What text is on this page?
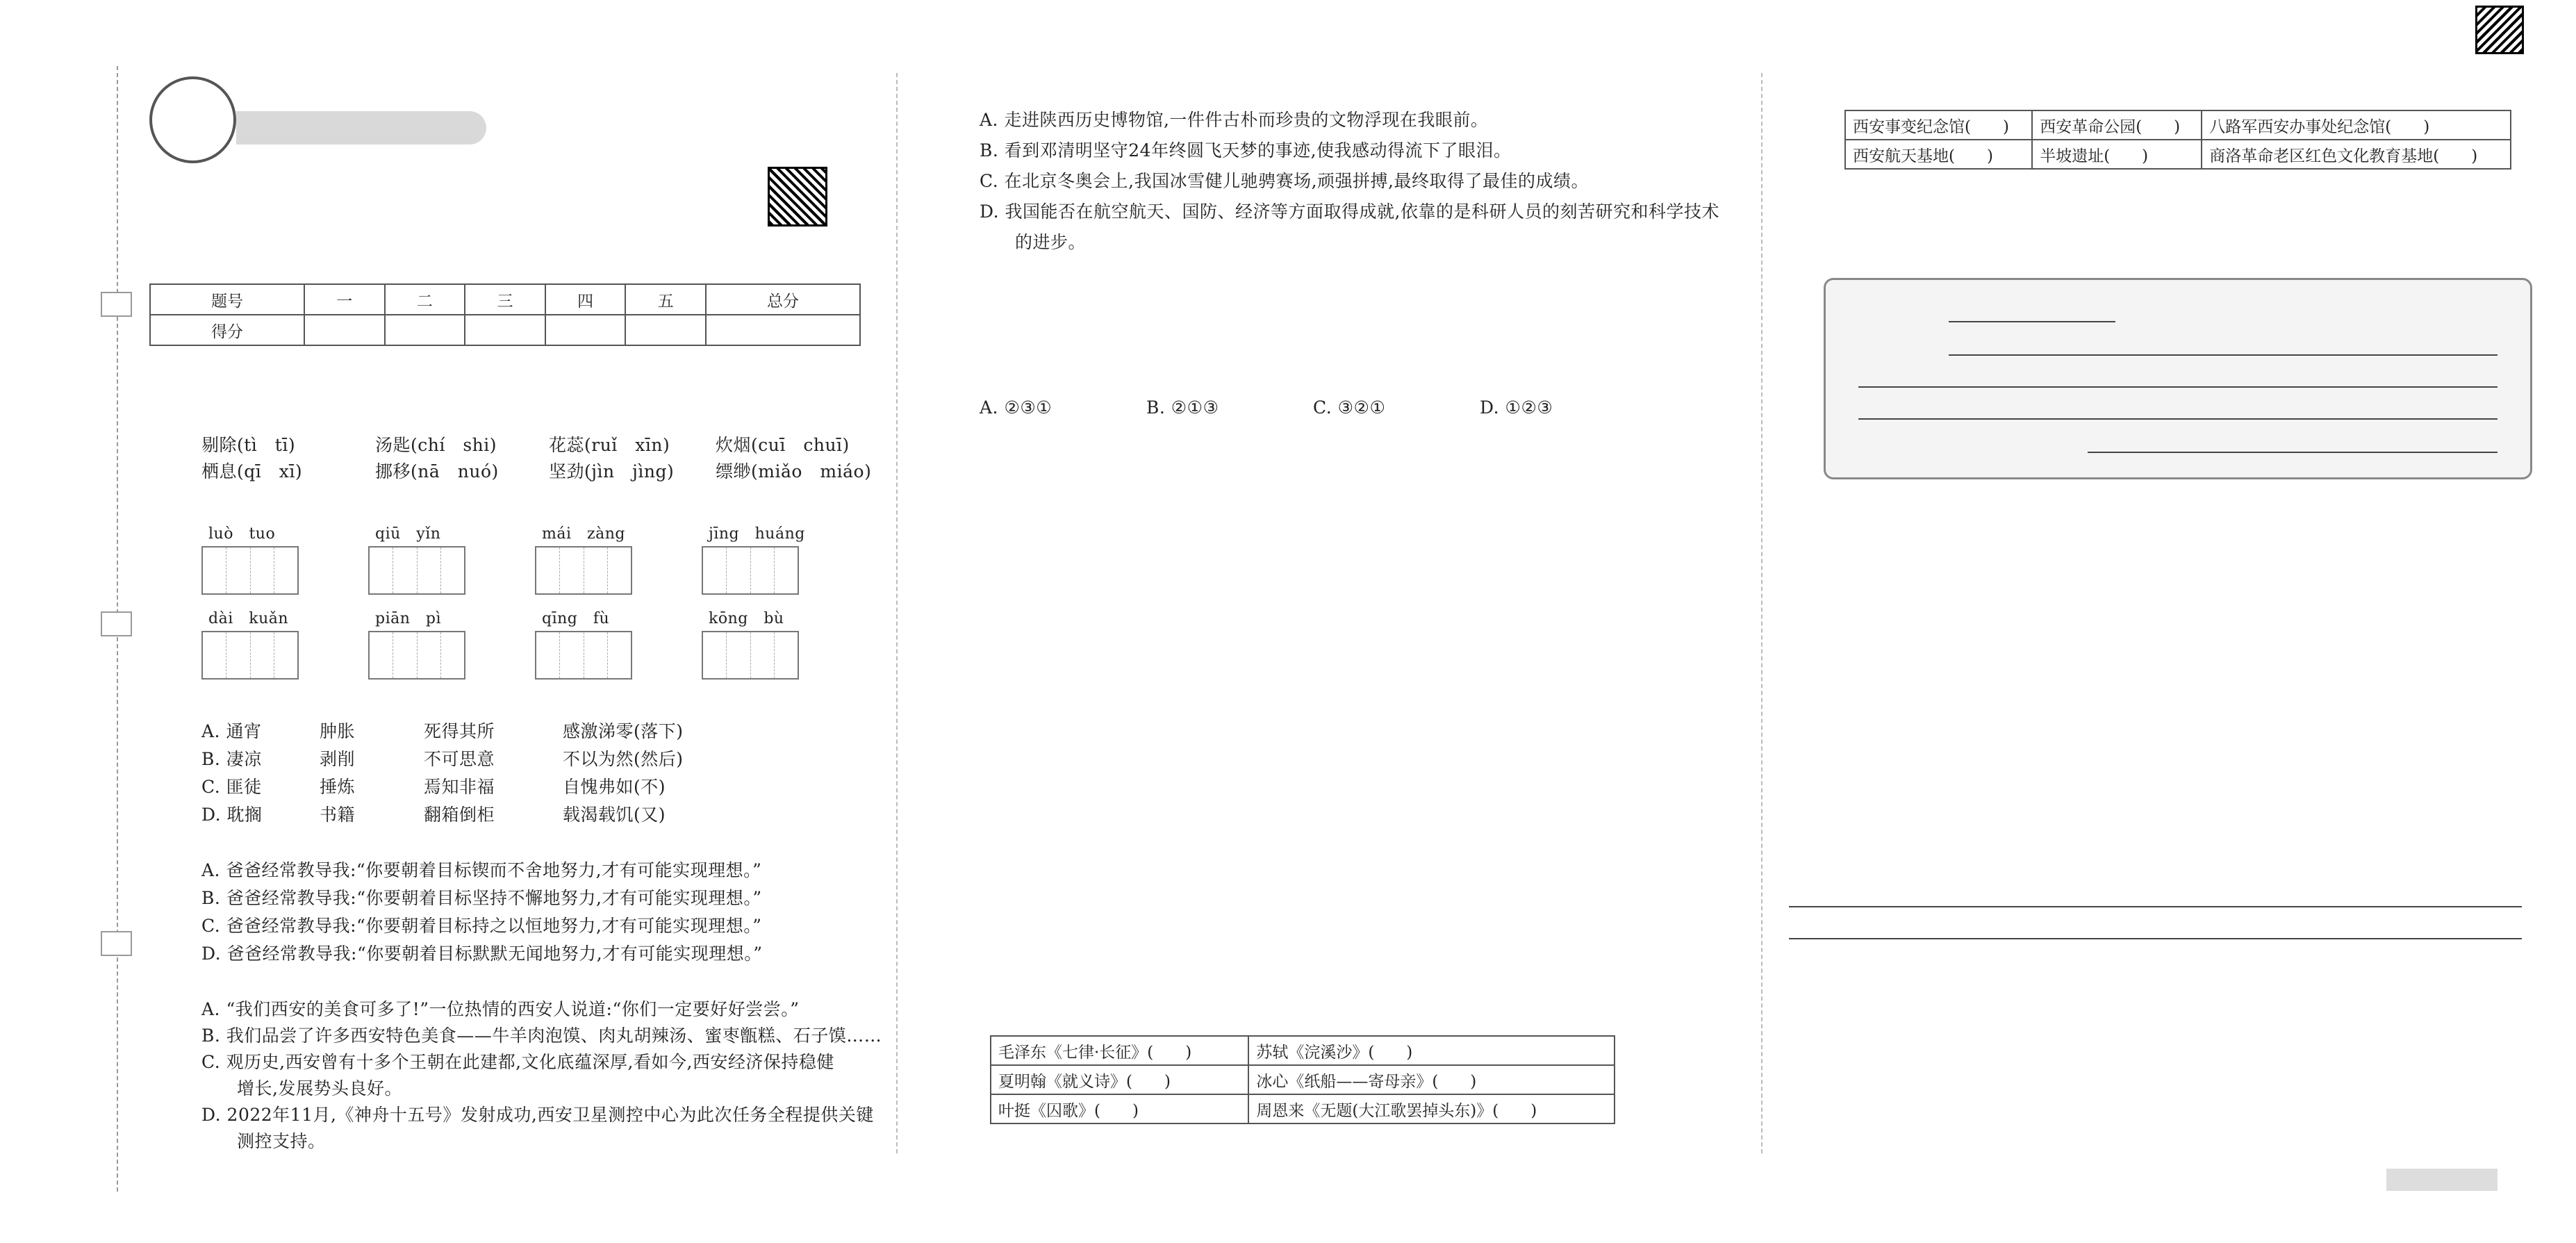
题号	一	二	三	四	五	总分
得分						
剔除(tì　tī)	汤匙(chí　shi)	花蕊(ruǐ　xīn)	炊烟(cuī　chuī)
栖息(qī　xī)	挪移(nā　nuó)	坚劲(jìn　jìng) 缥缈(miǎo　miáo)
luò　tuo	qiū　yǐn	mái　zàng	jīng　huáng
dài　kuǎn	piān　pì	qīng　fù	kōng　bù
A. 通宵	肿胀	死得其所	感激涕零(落下)
B. 凄凉	剥削	不可思意	不以为然(然后)
C. 匪徒	捶炼	焉知非福	自愧弗如(不)
D. 耽搁	书籍	翻箱倒柜	载渴载饥(又)
A. 爸爸经常教导我:“你要朝着目标锲而不舍地努力,才有可能实现理想。”
B. 爸爸经常教导我:“你要朝着目标坚持不懈地努力,才有可能实现理想。”
C. 爸爸经常教导我:“你要朝着目标持之以恒地努力,才有可能实现理想。”
D. 爸爸经常教导我:“你要朝着目标默默无闻地努力,才有可能实现理想。”
A. “我们西安的美食可多了!”一位热情的西安人说道:“你们一定要好好尝尝。”
B. 我们品尝了许多西安特色美食——牛羊肉泡馍、肉丸胡辣汤、蜜枣甑糕、石子馍……
C. 观历史,西安曾有十多个王朝在此建都,文化底蕴深厚,看如今,西安经济保持稳健
　　增长,发展势头良好。
D. 2022年11月,《神舟十五号》发射成功,西安卫星测控中心为此次任务全程提供关键
　　测控支持。
毛泽东《七律·长征》(　　)	苏轼《浣溪沙》(　　)
夏明翰《就义诗》(　　)	冰心《纸船——寄母亲》(　　)
叶挺《囚歌》(　　)	周恩来《无题(大江歌罢掉头东)》(　　)
A. 走进陕西历史博物馆,一件件古朴而珍贵的文物浮现在我眼前。
B. 看到邓清明坚守24年终圆飞天梦的事迹,使我感动得流下了眼泪。
C. 在北京冬奥会上,我国冰雪健儿驰骋赛场,顽强拼搏,最终取得了最佳的成绩。
D. 我国能否在航空航天、国防、经济等方面取得成就,依靠的是科研人员的刻苦研究和科学技术
　　的进步。
A. ②③①	B. ②①③	C. ③②①	D. ①②③
西安事变纪念馆(　　)	西安革命公园(　　)	八路军西安办事处纪念馆(　　)
西安航天基地(　　)	半坡遗址(　　)	商洛革命老区红色文化教育基地(　　)
